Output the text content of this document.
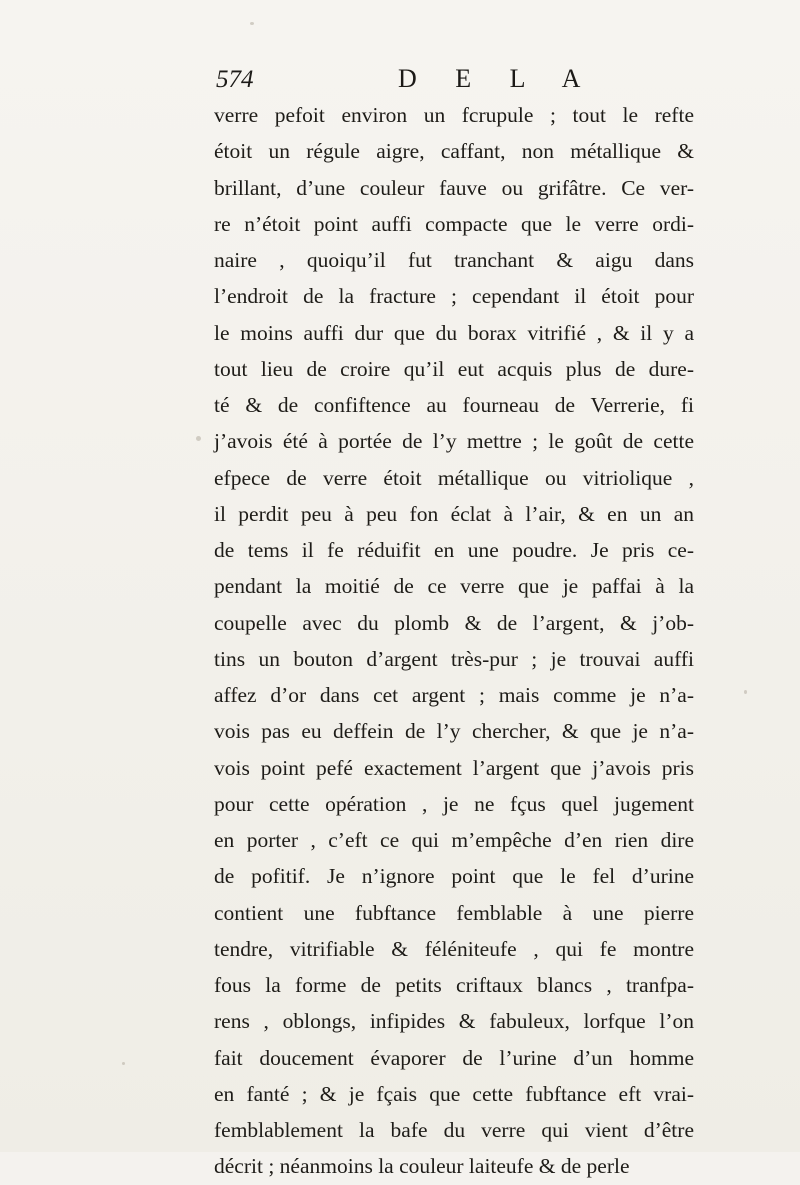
574	D E L A
verre pefoit environ un fcrupule ; tout le refte
étoit un régule aigre, caffant, non métallique &
brillant, d’une couleur fauve ou grifâtre. Ce ver-
re n’étoit point auffi compacte que le verre ordi-
naire , quoiqu’il fut tranchant & aigu dans
l’endroit de la fracture ; cependant il étoit pour
le moins auffi dur que du borax vitrifié , & il y a
tout lieu de croire qu’il eut acquis plus de dure-
té & de confiftence au fourneau de Verrerie, fi
j’avois été à portée de l’y mettre ; le goût de cette
efpece de verre étoit métallique ou vitriolique ,
il perdit peu à peu fon éclat à l’air, & en un an
de tems il fe réduifit en une poudre. Je pris ce-
pendant la moitié de ce verre que je paffai à la
coupelle avec du plomb & de l’argent, & j’ob-
tins un bouton d’argent très-pur ; je trouvai auffi
affez d’or dans cet argent ; mais comme je n’a-
vois pas eu deffein de l’y chercher, & que je n’a-
vois point pefé exactement l’argent que j’avois pris
pour cette opération , je ne fçus quel jugement
en porter , c’eft ce qui m’empêche d’en rien dire
de pofitif. Je n’ignore point que le fel d’urine
contient une fubftance femblable à une pierre
tendre, vitrifiable & féléniteufe , qui fe montre
fous la forme de petits criftaux blancs , tranfpa-
rens , oblongs, infipides & fabuleux, lorfque l’on
fait doucement évaporer de l’urine d’un homme
en fanté ; & je fçais que cette fubftance eft vrai-
femblablement la bafe du verre qui vient d’être
décrit ; néanmoins la couleur laiteufe & de perle
